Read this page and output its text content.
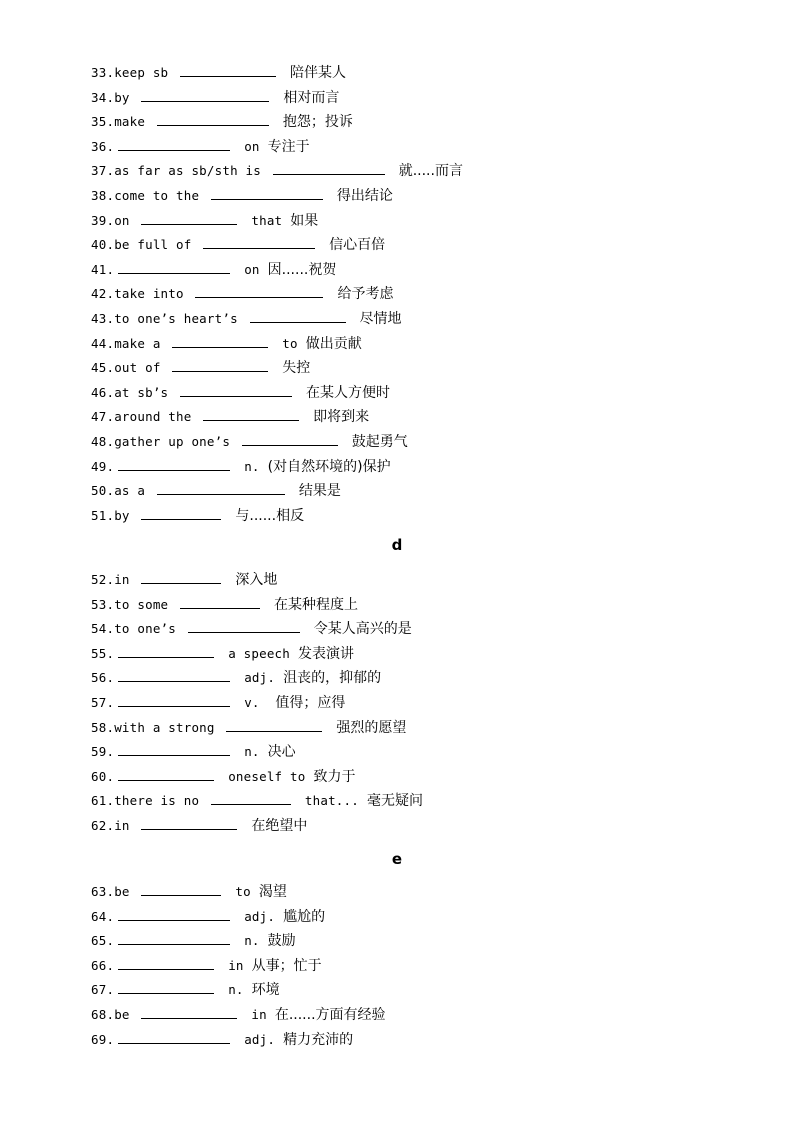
33.keep sb	陪伴某人
34.by	相对而言
35.make	抱怨；投诉
36.	on 专注于
37.as far as sb/sth is	就.....而言
38.come to the	得出结论
39.on	that 如果
40.be full of	信心百倍
41.	on 因......祝贺
42.take into	给予考虑
43.to one’s heart’s	尽情地
44.make a	to 做出贡献
45.out of	失控
46.at sb’s	在某人方便时
47.around the	即将到来
48.gather up one’s	鼓起勇气
49.	n. (对自然环境的)保护
50.as a	结果是
51.by	与......相反
d
52.in	深入地
53.to some	在某种程度上
54.to one’s	令某人高兴的是
55.	a speech 发表演讲
56.	adj. 沮丧的，抑郁的
57.	v. 值得；应得
58.with a strong	强烈的愿望
59.	n. 决心
60.	oneself to 致力于
61.there is no	that... 毫无疑问
62.in	在绝望中
e
63.be	to 渴望
64.	adj. 尴尬的
65.	n. 鼓励
66.	in 从事；忙于
67.	n. 环境
68.be	in 在......方面有经验
69.	adj. 精力充沛的
